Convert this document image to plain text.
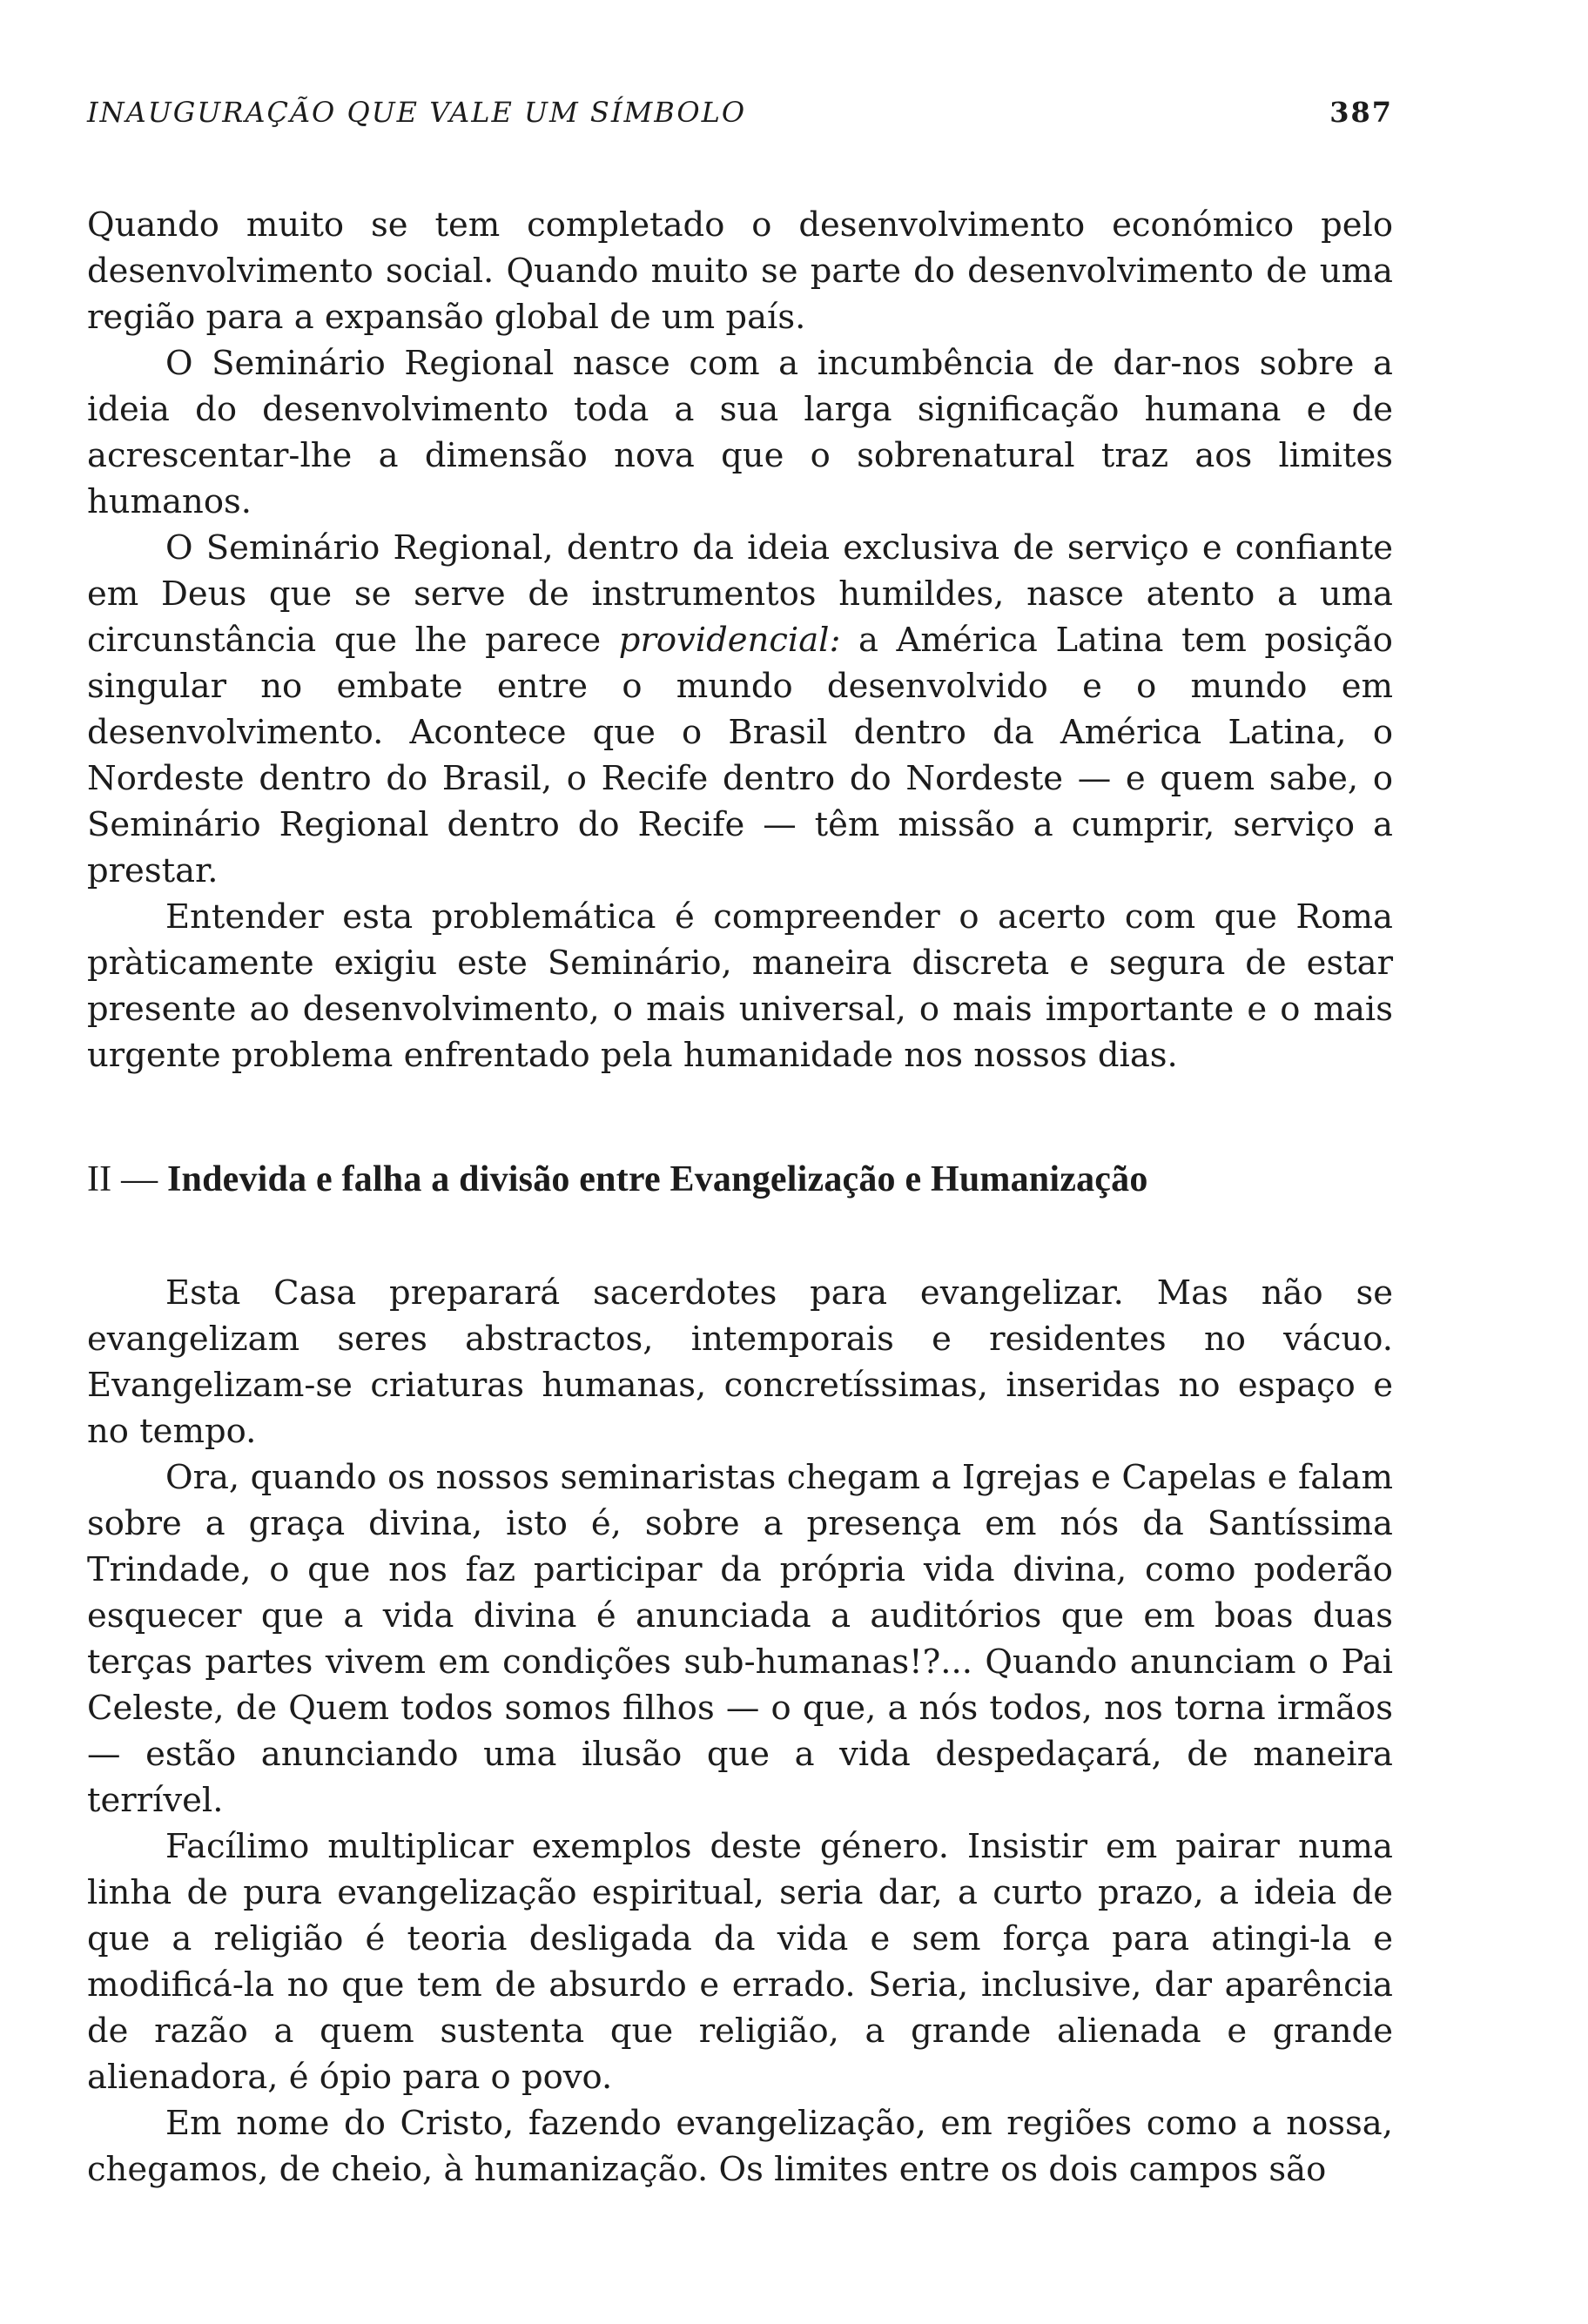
INAUGURAÇÃO QUE VALE UM SÍMBOLO	387

Quando muito se tem completado o desenvolvimento económico pelo desenvolvimento social. Quando muito se parte do desenvolvimento de uma região para a expansão global de um país.

O Seminário Regional nasce com a incumbência de dar-nos sobre a ideia do desenvolvimento toda a sua larga significação humana e de acrescentar-lhe a dimensão nova que o sobrenatural traz aos limites humanos.

O Seminário Regional, dentro da ideia exclusiva de serviço e confiante em Deus que se serve de instrumentos humildes, nasce atento a uma circunstância que lhe parece providencial: a América Latina tem posição singular no embate entre o mundo desenvolvido e o mundo em desenvolvimento. Acontece que o Brasil dentro da América Latina, o Nordeste dentro do Brasil, o Recife dentro do Nordeste — e quem sabe, o Seminário Regional dentro do Recife — têm missão a cumprir, serviço a prestar.

Entender esta problemática é compreender o acerto com que Roma pràticamente exigiu este Seminário, maneira discreta e segura de estar presente ao desenvolvimento, o mais universal, o mais importante e o mais urgente problema enfrentado pela humanidade nos nossos dias.

II — Indevida e falha a divisão entre Evangelização e Humanização

Esta Casa preparará sacerdotes para evangelizar. Mas não se evangelizam seres abstractos, intemporais e residentes no vácuo. Evangelizam-se criaturas humanas, concretíssimas, inseridas no espaço e no tempo.

Ora, quando os nossos seminaristas chegam a Igrejas e Capelas e falam sobre a graça divina, isto é, sobre a presença em nós da Santíssima Trindade, o que nos faz participar da própria vida divina, como poderão esquecer que a vida divina é anunciada a auditórios que em boas duas terças partes vivem em condições sub-humanas!?... Quando anunciam o Pai Celeste, de Quem todos somos filhos — o que, a nós todos, nos torna irmãos — estão anunciando uma ilusão que a vida despedaçará, de maneira terrível.

Facílimo multiplicar exemplos deste género. Insistir em pairar numa linha de pura evangelização espiritual, seria dar, a curto prazo, a ideia de que a religião é teoria desligada da vida e sem força para atingi-la e modificá-la no que tem de absurdo e errado. Seria, inclusive, dar aparência de razão a quem sustenta que religião, a grande alienada e grande alienadora, é ópio para o povo.

Em nome do Cristo, fazendo evangelização, em regiões como a nossa, chegamos, de cheio, à humanização. Os limites entre os dois campos são
